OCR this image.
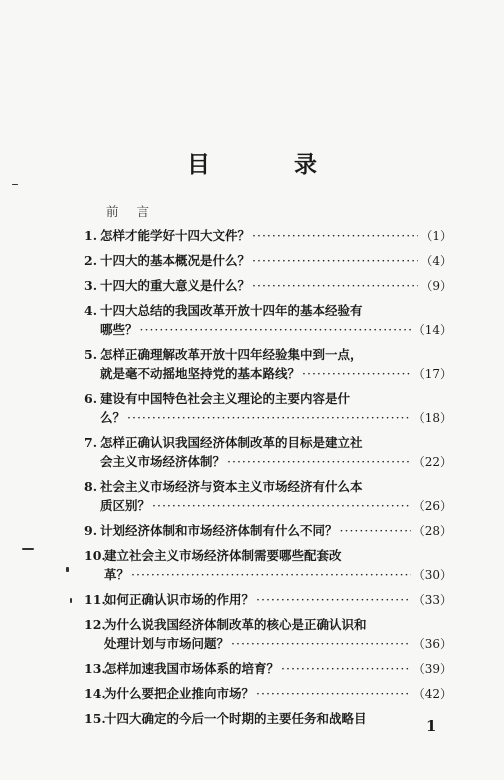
目 录
前言
1. 怎样才能学好十四大文件？ ·····	（1）
2. 十四大的基本概况是什么？ ·····	（4）
3. 十四大的重大意义是什么？ ·····	（9）
4. 十四大总结的我国改革开放十四年的基本经验有
哪些？ ·····	（14）
5. 怎样正确理解改革开放十四年经验集中到一点，
就是毫不动摇地坚持党的基本路线？ ·····	（17）
6. 建设有中国特色社会主义理论的主要内容是什
么？ ·····	（18）
7. 怎样正确认识我国经济体制改革的目标是建立社
会主义市场经济体制？ ·····	（22）
8. 社会主义市场经济与资本主义市场经济有什么本
质区别？ ·····	（26）
9. 计划经济体制和市场经济体制有什么不同？ ·····	（28）
10.
建立社会主义市场经济体制需要哪些配套改
革？ ·····	（30）
11.
如何正确认识市场的作用？ ·····	（33）
12.
为什么说我国经济体制改革的核心是正确认识和
处理计划与市场问题？ ·····	（36）
13.
怎样加速我国市场体系的培育？ ·····	（39）
14.
为什么要把企业推向市场？ ·····	（42）
15.
十四大确定的今后一个时期的主要任务和战略目	1
